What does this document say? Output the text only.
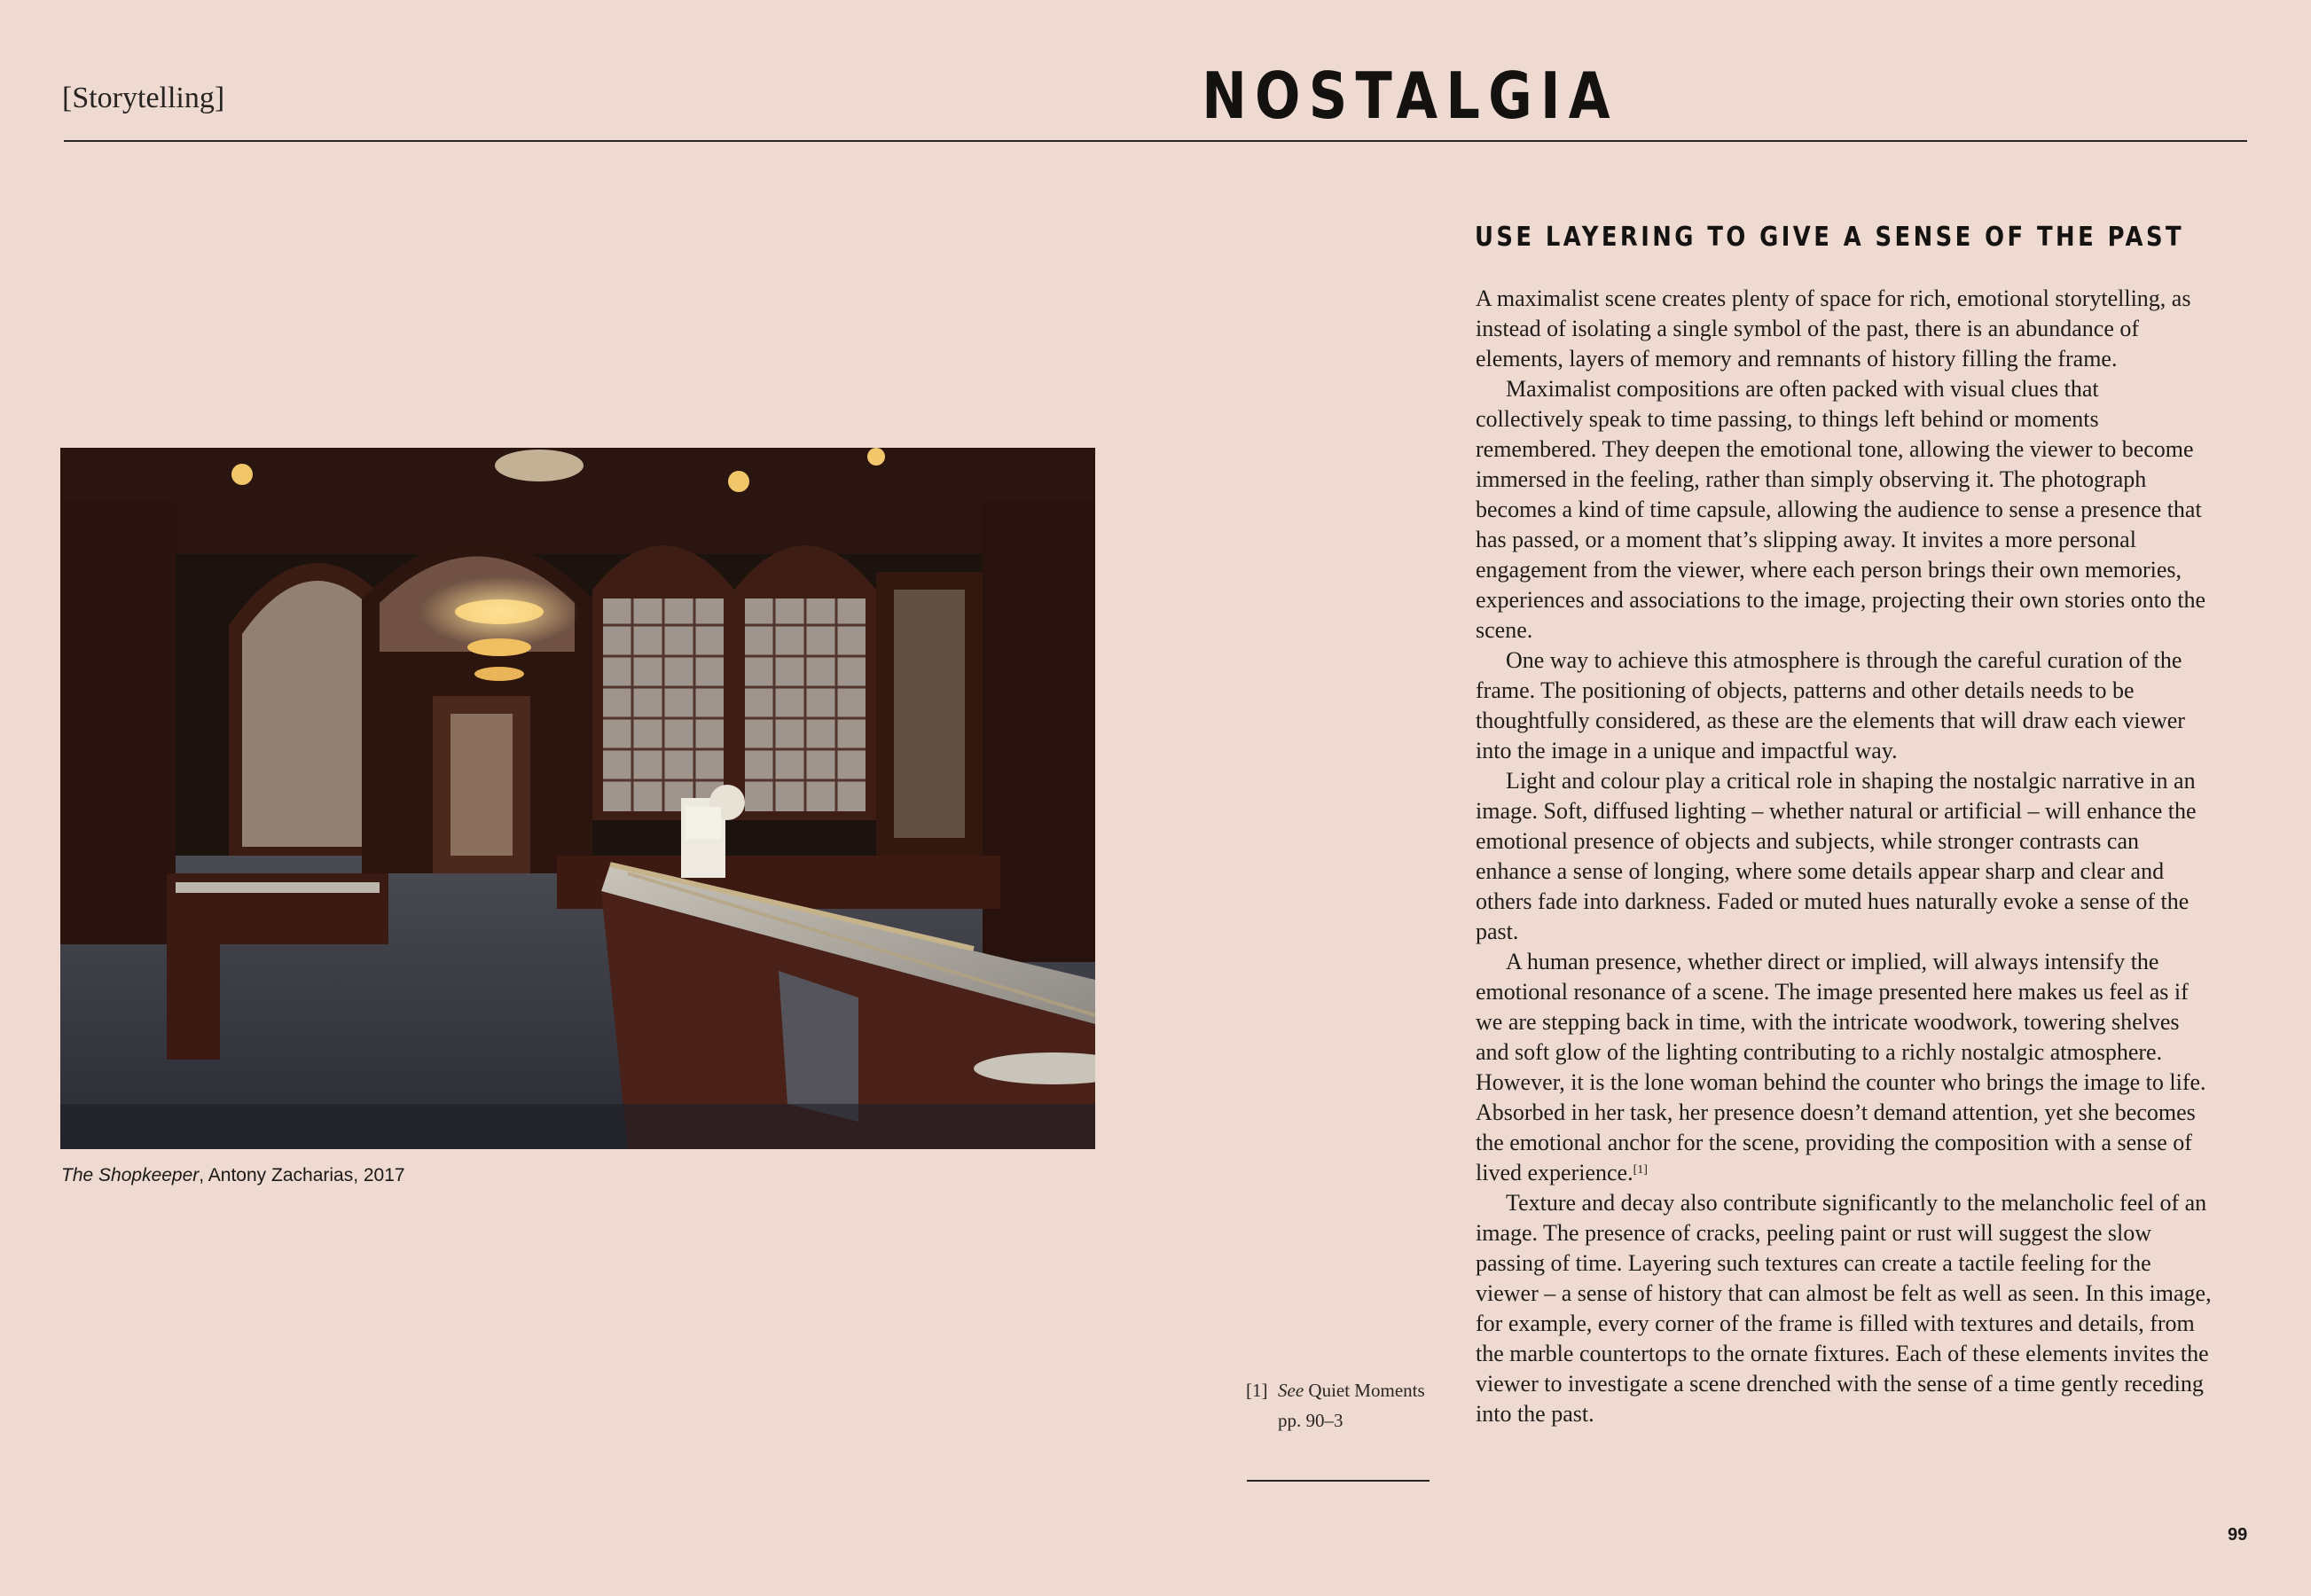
[Storytelling]	NOSTALGIA
The Shopkeeper, Antony Zacharias, 2017
[1] See Quiet Moments pp. 90–3
USE LAYERING TO GIVE A SENSE OF THE PAST

A maximalist scene creates plenty of space for rich, emotional storytelling, as instead of isolating a single symbol of the past, there is an abundance of elements, layers of memory and remnants of history filling the frame.

Maximalist compositions are often packed with visual clues that collectively speak to time passing, to things left behind or moments remembered. They deepen the emotional tone, allowing the viewer to become immersed in the feeling, rather than simply observing it. The photograph becomes a kind of time capsule, allowing the audience to sense a presence that has passed, or a moment that’s slipping away. It invites a more personal engagement from the viewer, where each person brings their own memories, experiences and associations to the image, projecting their own stories onto the scene.

One way to achieve this atmosphere is through the careful curation of the frame. The positioning of objects, patterns and other details needs to be thoughtfully considered, as these are the elements that will draw each viewer into the image in a unique and impactful way.

Light and colour play a critical role in shaping the nostalgic narrative in an image. Soft, diffused lighting – whether natural or artificial – will enhance the emotional presence of objects and subjects, while stronger contrasts can enhance a sense of longing, where some details appear sharp and clear and others fade into darkness. Faded or muted hues naturally evoke a sense of the past.

A human presence, whether direct or implied, will always intensify the emotional resonance of a scene. The image presented here makes us feel as if we are stepping back in time, with the intricate woodwork, towering shelves and soft glow of the lighting contributing to a richly nostalgic atmosphere. However, it is the lone woman behind the counter who brings the image to life. Absorbed in her task, her presence doesn’t demand attention, yet she becomes the emotional anchor for the scene, providing the composition with a sense of lived experience.[1]

Texture and decay also contribute significantly to the melancholic feel of an image. The presence of cracks, peeling paint or rust will suggest the slow passing of time. Layering such textures can create a tactile feeling for the viewer – a sense of history that can almost be felt as well as seen. In this image, for example, every corner of the frame is filled with textures and details, from the marble countertops to the ornate fixtures. Each of these elements invites the viewer to investigate a scene drenched with the sense of a time gently receding into the past.

99
